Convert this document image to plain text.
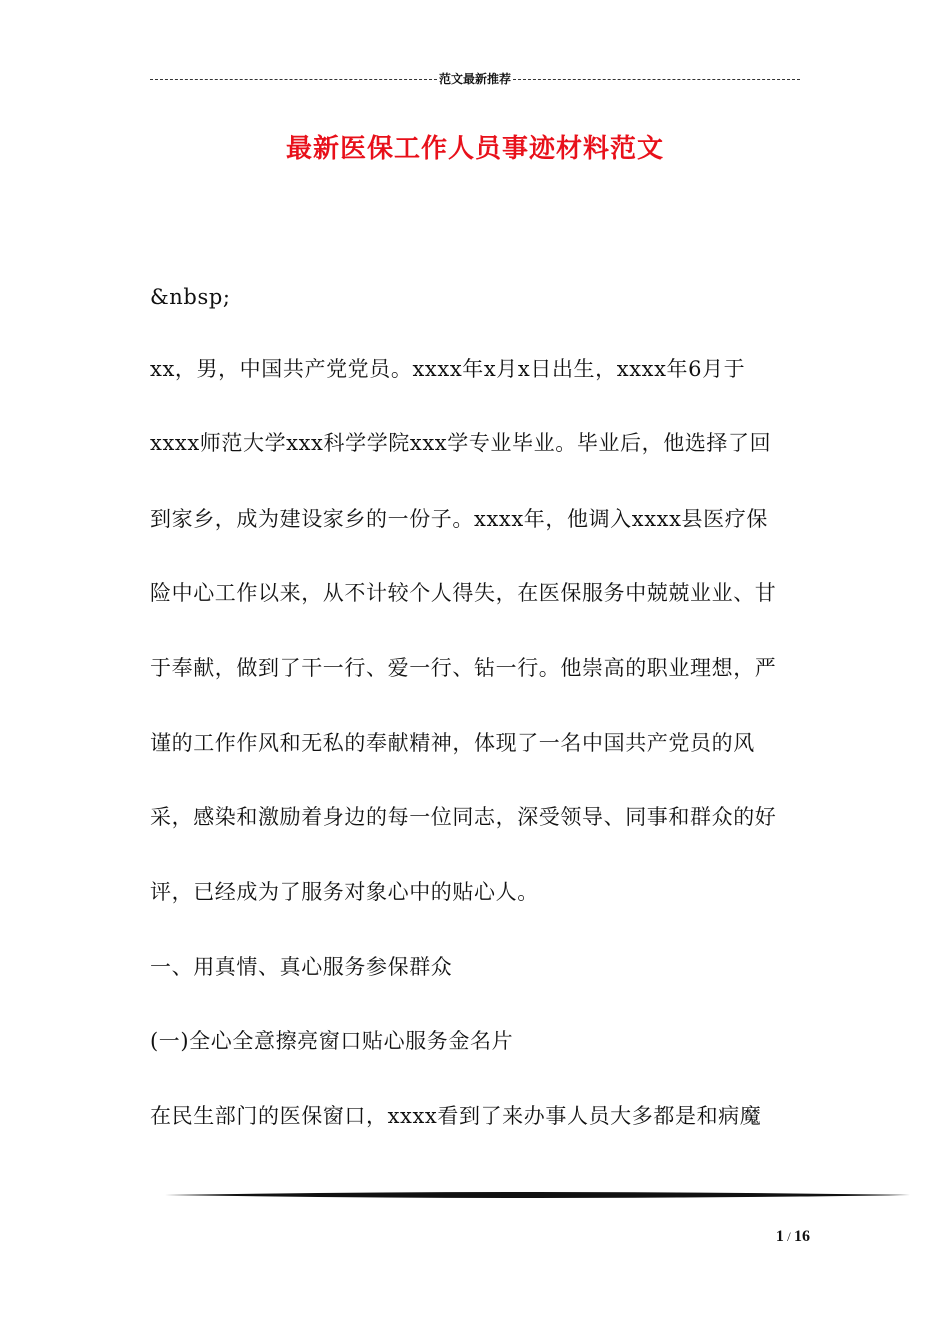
范文最新推荐
最新医保工作人员事迹材料范文
&nbsp;
xx，男，中国共产党党员。xxxx年x月x日出生，xxxx年6月于
xxxx师范大学xxx科学学院xxx学专业毕业。毕业后，他选择了回
到家乡，成为建设家乡的一份子。xxxx年，他调入xxxx县医疗保
险中心工作以来，从不计较个人得失，在医保服务中兢兢业业、甘
于奉献，做到了干一行、爱一行、钻一行。他崇高的职业理想，严
谨的工作作风和无私的奉献精神，体现了一名中国共产党员的风
采，感染和激励着身边的每一位同志，深受领导、同事和群众的好
评，已经成为了服务对象心中的贴心人。
一、用真情、真心服务参保群众
(一)全心全意擦亮窗口贴心服务金名片
在民生部门的医保窗口，xxxx看到了来办事人员大多都是和病魔
1 / 16
